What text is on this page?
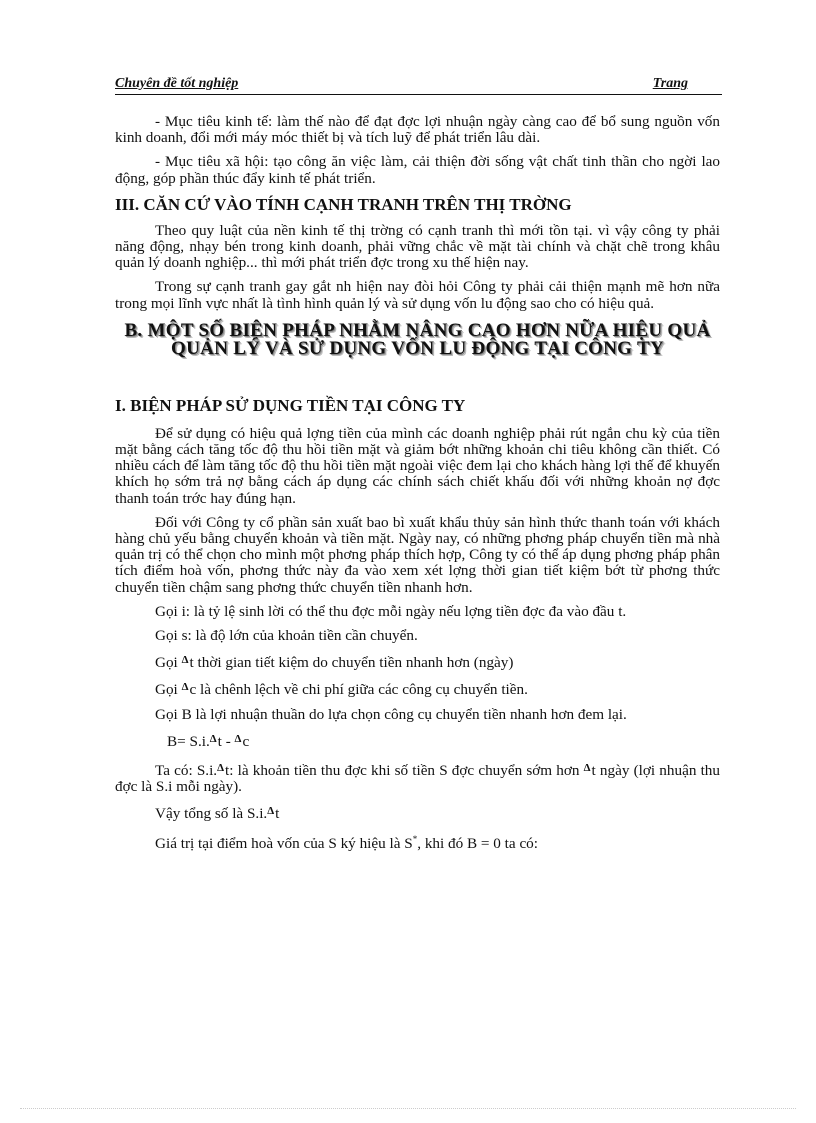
Chuyên đề tốt nghiệp	Trang

- Mục tiêu kinh tế: làm thế nào để đạt đợc lợi nhuận ngày càng cao để bổ sung nguồn vốn kinh doanh, đổi mới máy móc thiết bị và tích luỹ để phát triển lâu dài.

- Mục tiêu xã hội: tạo công ăn việc làm, cải thiện đời sống vật chất tinh thần cho ngời lao động, góp phần thúc đẩy kinh tế phát triển.

III. CĂN CỨ VÀO TÍNH CẠNH TRANH TRÊN THỊ TRỜNG

Theo quy luật của nền kinh tế thị trờng có cạnh tranh thì mới tồn tại. vì vậy công ty phải năng động, nhạy bén trong kinh doanh, phải vững chắc về mặt tài chính và chặt chẽ trong khâu quản lý doanh nghiệp... thì mới phát triển đợc trong xu thế hiện nay.

Trong sự cạnh tranh gay gắt nh hiện nay đòi hỏi Công ty phải cải thiện mạnh mẽ hơn nữa trong mọi lĩnh vực nhất là tình hình quản lý và sử dụng vốn lu động sao cho có hiệu quả.

B. MỘT SỐ BIỆN PHÁP NHẰM NÂNG CAO HƠN NỮA HIỆU QUẢ QUẢN LÝ VÀ SỬ DỤNG VỐN LU ĐỘNG TẠI CÔNG TY
I. BIỆN PHÁP SỬ DỤNG TIỀN TẠI CÔNG TY

Để sử dụng có hiệu quả lợng tiền của mình các doanh nghiệp phải rút ngắn chu kỳ của tiền mặt bằng cách tăng tốc độ thu hồi tiền mặt và giảm bớt những khoản chi tiêu không cần thiết. Có nhiều cách để làm tăng tốc độ thu hồi tiền mặt ngoài việc đem lại cho khách hàng lợi thế để khuyến khích họ sớm trả nợ bằng cách áp dụng các chính sách chiết khấu đối với những khoản nợ đợc thanh toán trớc hay đúng hạn.

Đối với Công ty cổ phần sản xuất bao bì xuất khẩu thủy sản hình thức thanh toán với khách hàng chủ yếu bằng chuyển khoản và tiền mặt. Ngày nay, có những phơng pháp chuyển tiền mà nhà quản trị có thể chọn cho mình một phơng pháp thích hợp, Công ty có thể áp dụng phơng pháp phân tích điểm hoà vốn, phơng thức này đa vào xem xét lợng thời gian tiết kiệm bớt từ phơng thức chuyển tiền chậm sang phơng thức chuyển tiền nhanh hơn.

Gọi i: là tỷ lệ sinh lời có thể thu đợc mỗi ngày nếu lợng tiền đợc đa vào đầu t.

Gọi s: là độ lớn của khoản tiền cần chuyển.

Gọi $^\Delta$t thời gian tiết kiệm do chuyển tiền nhanh hơn (ngày)

Gọi $^\Delta$c là chênh lệch về chi phí giữa các công cụ chuyển tiền.

Gọi B là lợi nhuận thuần do lựa chọn công cụ chuyển tiền nhanh hơn đem lại.

B= S.i.$^\Delta$t - $^\Delta$c

Ta có: S.i.$^\Delta$t: là khoản tiền thu đợc khi số tiền S đợc chuyển sớm hơn $^\Delta$t ngày (lợi nhuận thu đợc là S.i mỗi ngày).

Vậy tổng số là S.i.$^\Delta$t

Giá trị tại điểm hoà vốn của S ký hiệu là S*, khi đó B = 0 ta có:
